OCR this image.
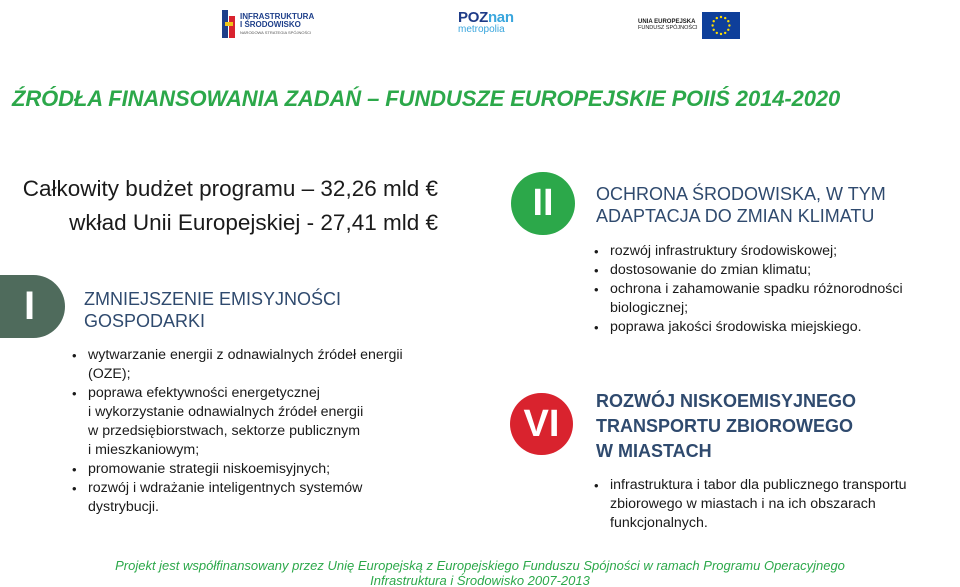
INFRASTRUKTURA
I ŚRODOWISKO
NARODOWA STRATEGIA SPÓJNOŚCI
POZnan
metropolia
UNIA EUROPEJSKA
FUNDUSZ SPÓJNOŚCI
ŹRÓDŁA FINANSOWANIA ZADAŃ – FUNDUSZE EUROPEJSKIE POIIŚ 2014-2020
Całkowity budżet programu – 32,26 mld €
wkład Unii Europejskiej - 27,41 mld €
I	ZMNIEJSZENIE EMISYJNOŚCI
GOSPODARKI
• wytwarzanie energii z odnawialnych źródeł energii
(OZE);
• poprawa efektywności energetycznej
i wykorzystanie odnawialnych źródeł energii
w przedsiębiorstwach, sektorze publicznym
i mieszkaniowym;
• promowanie strategii niskoemisyjnych;
• rozwój i wdrażanie inteligentnych systemów
dystrybucji.
II	OCHRONA ŚRODOWISKA, W TYM
ADAPTACJA DO ZMIAN KLIMATU
• rozwój infrastruktury środowiskowej;
• dostosowanie do zmian klimatu;
• ochrona i zahamowanie spadku różnorodności
biologicznej;
• poprawa jakości środowiska miejskiego.
VI
ROZWÓJ NISKOEMISYJNEGO
TRANSPORTU ZBIOROWEGO
W MIASTACH
• infrastruktura i tabor dla publicznego transportu
zbiorowego w miastach i na ich obszarach
funkcjonalnych.
Projekt jest współfinansowany przez Unię Europejską z Europejskiego Funduszu Spójności w ramach Programu Operacyjnego
Infrastruktura i Środowisko 2007-2013
